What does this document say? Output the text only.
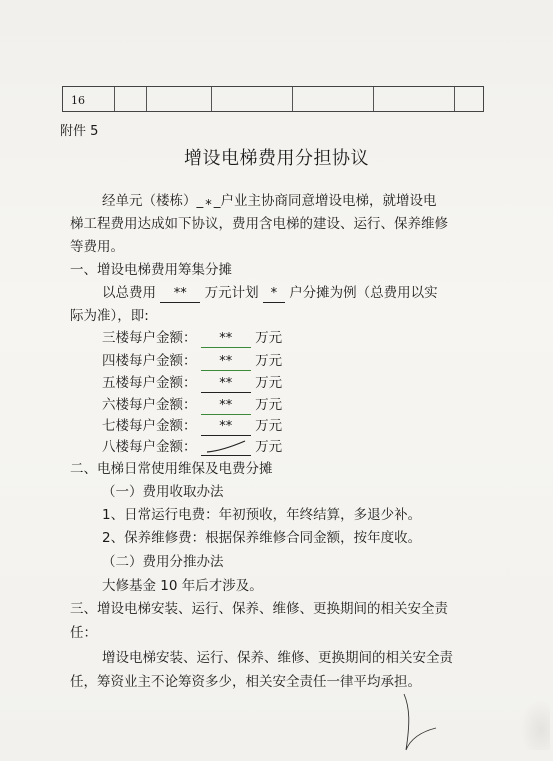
16
附件 5
增设电梯费用分担协议
经单元（楼栋）_ * _户业主协商同意增设电梯，就增设电
梯工程费用达成如下协议，费用含电梯的建设、运行、保养维修
等费用。
一、增设电梯费用筹集分摊
以总费用 ** 万元计划 * 户分摊为例（总费用以实
际为准），即:
三楼每户金额： ** 万元
四楼每户金额： ** 万元
五楼每户金额： ** 万元
六楼每户金额： ** 万元
七楼每户金额： ** 万元
八楼每户金额：	万元
二、电梯日常使用维保及电费分摊
（一）费用收取办法
1、日常运行电费：年初预收，年终结算，多退少补。
2、保养维修费：根据保养维修合同金额，按年度收。
（二）费用分推办法
大修基金 10 年后才涉及。
三、增设电梯安装、运行、保养、维修、更换期间的相关安全责
任：
增设电梯安装、运行、保养、维修、更换期间的相关安全责
任，筹资业主不论筹资多少，相关安全责任一律平均承担。
